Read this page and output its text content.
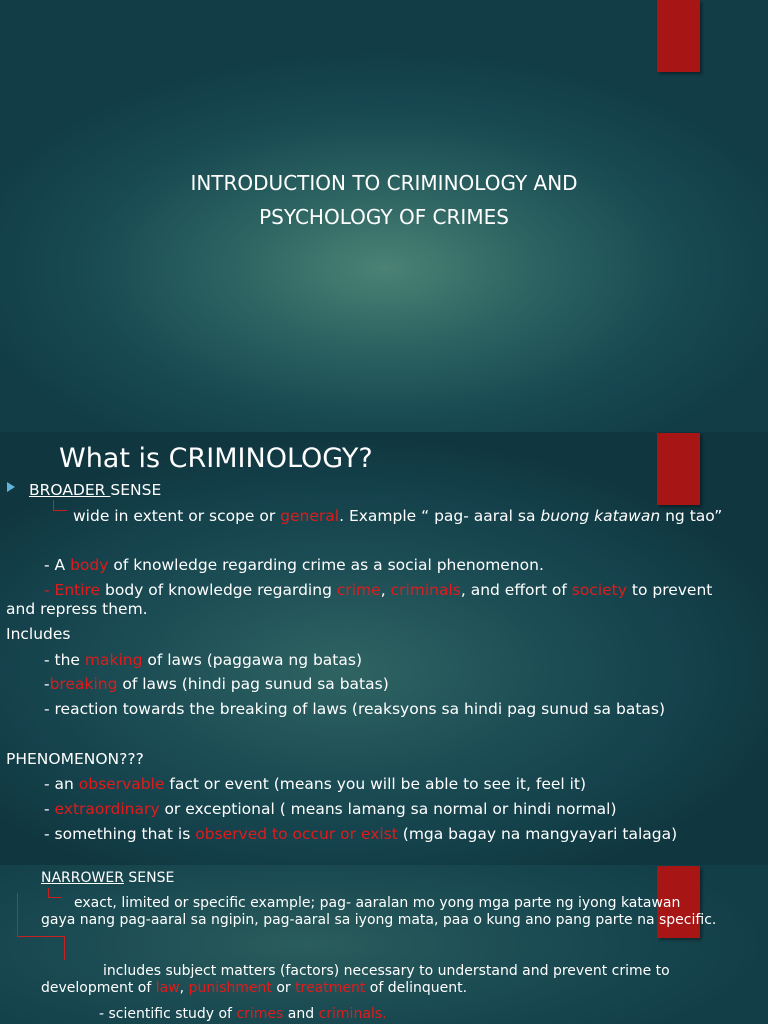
INTRODUCTION TO CRIMINOLOGY AND
PSYCHOLOGY OF CRIMES
What is CRIMINOLOGY?
BROADER SENSE
wide in extent or scope or general. Example “ pag- aaral sa buong katawan ng tao”
- A body of knowledge regarding crime as a social phenomenon.
- Entire body of knowledge regarding crime, criminals, and effort of society to prevent
and repress them.
Includes
- the making of laws (paggawa ng batas)
-breaking of laws (hindi pag sunud sa batas)
- reaction towards the breaking of laws (reaksyons sa hindi pag sunud sa batas)
PHENOMENON???
- an observable fact or event (means you will be able to see it, feel it)
- extraordinary or exceptional ( means lamang sa normal or hindi normal)
- something that is observed to occur or exist (mga bagay na mangyayari talaga)
NARROWER SENSE
exact, limited or specific example; pag- aaralan mo yong mga parte ng iyong katawan
gaya nang pag-aaral sa ngipin, pag-aaral sa iyong mata, paa o kung ano pang parte na specific.
includes subject matters (factors) necessary to understand and prevent crime to
development of law, punishment or treatment of delinquent.
- scientific study of crimes and criminals.
